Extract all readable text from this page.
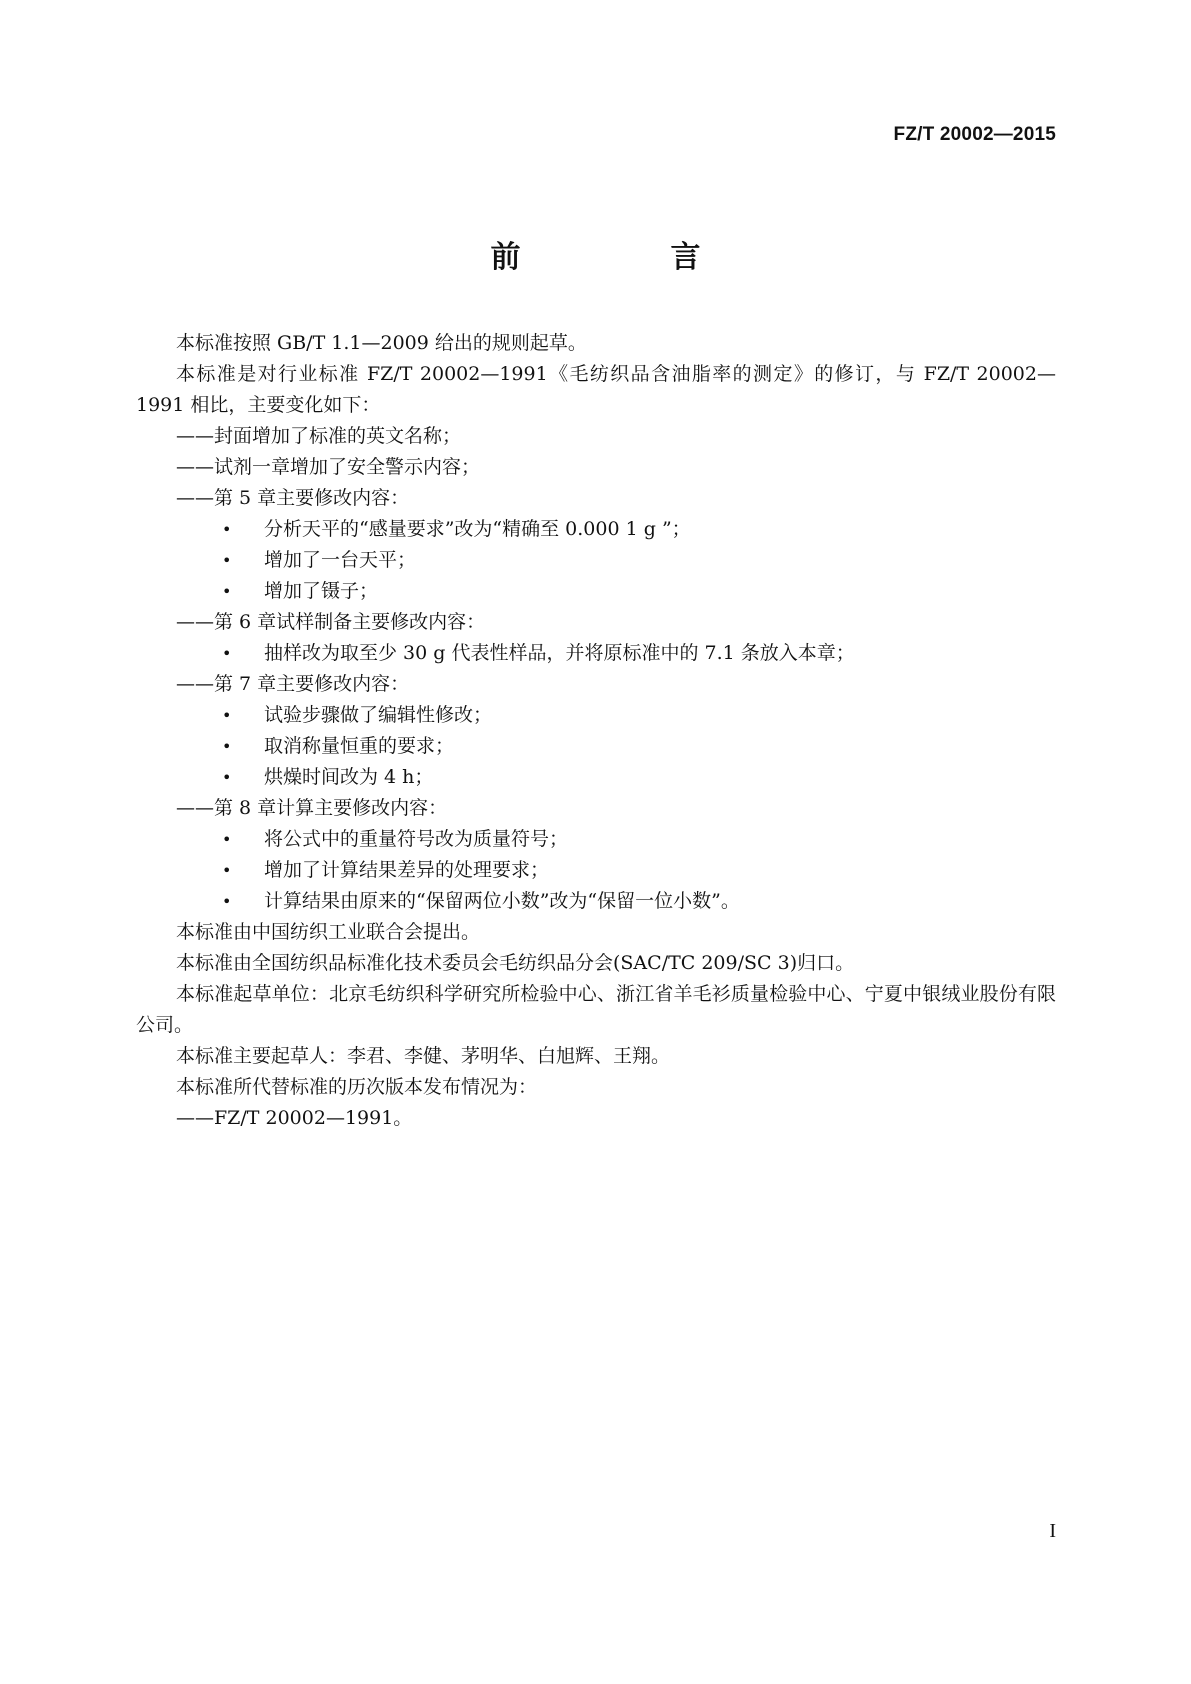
FZ/T 20002—2015
前　言

本标准按照 GB/T 1.1—2009 给出的规则起草。

本标准是对行业标准 FZ/T 20002—1991《毛纺织品含油脂率的测定》的修订，与 FZ/T 20002—1991 相比，主要变化如下：

——封面增加了标准的英文名称；

——试剂一章增加了安全警示内容；

——第 5 章主要修改内容：

• 分析天平的“感量要求”改为“精确至 0.000 1 g ”；

• 增加了一台天平；

• 增加了镊子；

——第 6 章试样制备主要修改内容：

• 抽样改为取至少 30 g 代表性样品，并将原标准中的 7.1 条放入本章；

——第 7 章主要修改内容：

• 试验步骤做了编辑性修改；

• 取消称量恒重的要求；

• 烘燥时间改为 4 h；

——第 8 章计算主要修改内容：

• 将公式中的重量符号改为质量符号；

• 增加了计算结果差异的处理要求；

• 计算结果由原来的“保留两位小数”改为“保留一位小数”。

本标准由中国纺织工业联合会提出。

本标准由全国纺织品标准化技术委员会毛纺织品分会(SAC/TC 209/SC 3)归口。

本标准起草单位：北京毛纺织科学研究所检验中心、浙江省羊毛衫质量检验中心、宁夏中银绒业股份有限公司。

本标准主要起草人：李君、李健、茅明华、白旭辉、王翔。

本标准所代替标准的历次版本发布情况为：

——FZ/T 20002—1991。

I
